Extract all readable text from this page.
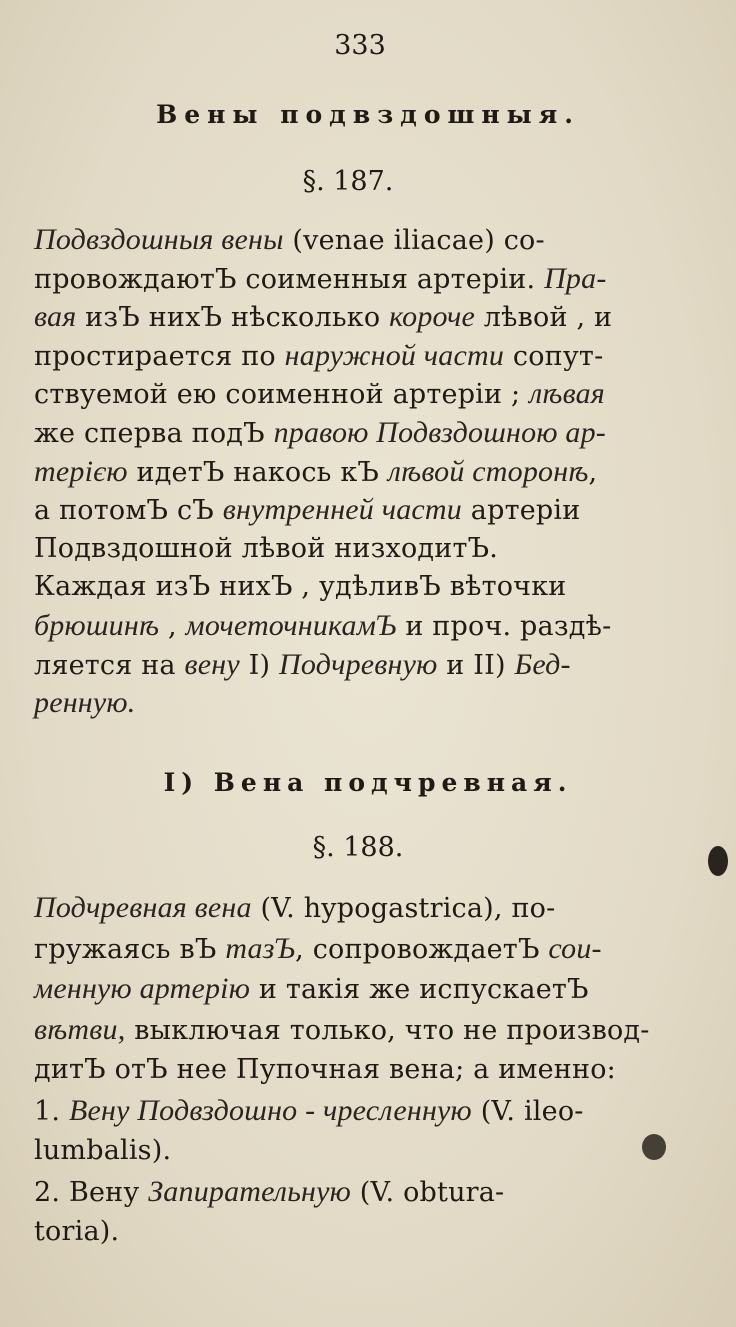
333
Вены подвздошныя.
§. 187.
Подвздошныя вены (venae iliacae) со-
провождаютЪ соименныя артеріи. Пра-
вая изЪ нихЪ нѣсколько короче лѣвой , и
простирается по наружной части сопут-
ствуемой ею соименной артеріи ; лѣвая
же сперва подЪ правою Подвздошною ар-
терією идетЪ накось кЪ лѣвой сторонѣ,
а потомЪ сЪ внутренней части артеріи
Подвздошной лѣвой низходитЪ.
Каждая изЪ нихЪ , удѣливЪ вѣточки
брюшинѣ , мочеточникамЪ и проч. раздѣ-
ляется на вену I) Подчревную и II) Бед-
ренную.
I) Вена подчревная.
§. 188.
Подчревная вена (V. hypogastrica), по-
гружаясь вЪ тазЪ, сопровождаетЪ сои-
менную артерію и такія же испускаетЪ
вѣтви, выключая только, что не производ-
дитЪ отЪ нее Пупочная вена; а именно:
1. Вену Подвздошно - чресленную (V. ileo-
lumbalis).
2. Вену Запирательную (V. obtura-
toria).
